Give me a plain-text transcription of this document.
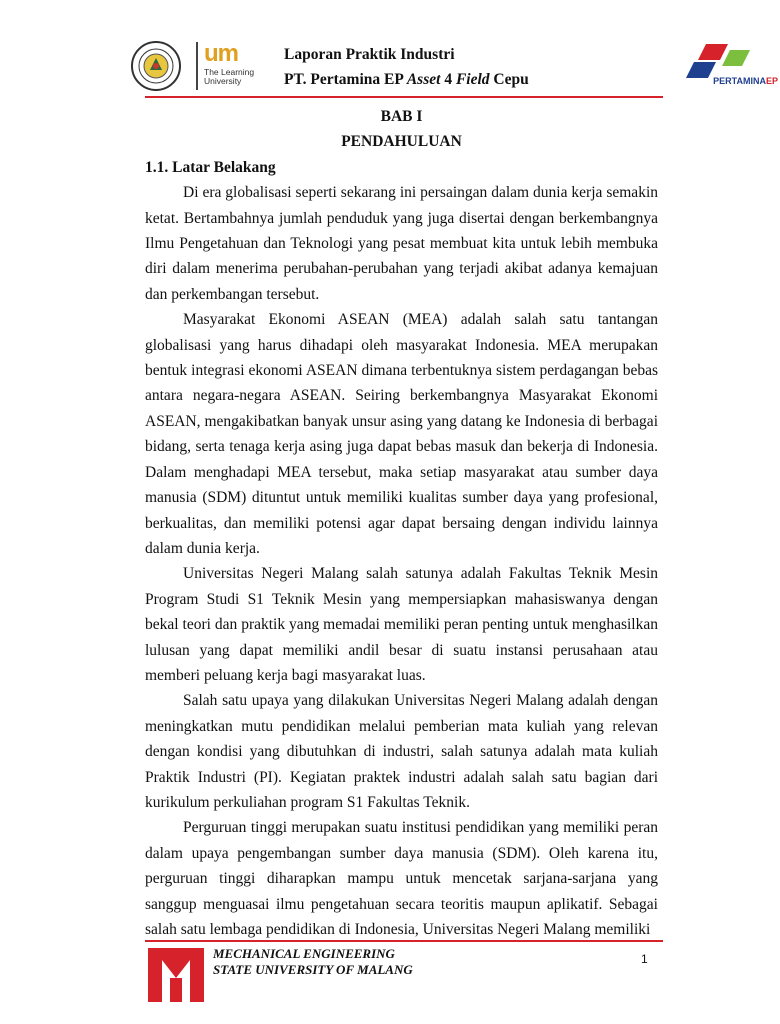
um
The Learning
University
Laporan Praktik Industri
PT. Pertamina EP Asset 4 Field Cepu	PERTAMINAEP
BAB I
PENDAHULUAN
1.1. Latar Belakang

Di era globalisasi seperti sekarang ini persaingan dalam dunia kerja semakin ketat. Bertambahnya jumlah penduduk yang juga disertai dengan berkembangnya Ilmu Pengetahuan dan Teknologi yang pesat membuat kita untuk lebih membuka diri dalam menerima perubahan-perubahan yang terjadi akibat adanya kemajuan dan perkembangan tersebut.

Masyarakat Ekonomi ASEAN (MEA) adalah salah satu tantangan globalisasi yang harus dihadapi oleh masyarakat Indonesia. MEA merupakan bentuk integrasi ekonomi ASEAN dimana terbentuknya sistem perdagangan bebas antara negara-negara ASEAN. Seiring berkembangnya Masyarakat Ekonomi ASEAN, mengakibatkan banyak unsur asing yang datang ke Indonesia di berbagai bidang, serta tenaga kerja asing juga dapat bebas masuk dan bekerja di Indonesia. Dalam menghadapi MEA tersebut, maka setiap masyarakat atau sumber daya manusia (SDM) dituntut untuk memiliki kualitas sumber daya yang profesional, berkualitas, dan memiliki potensi agar dapat bersaing dengan individu lainnya dalam dunia kerja.

Universitas Negeri Malang salah satunya adalah Fakultas Teknik Mesin Program Studi S1 Teknik Mesin yang mempersiapkan mahasiswanya dengan bekal teori dan praktik yang memadai memiliki peran penting untuk menghasilkan lulusan yang dapat memiliki andil besar di suatu instansi perusahaan atau memberi peluang kerja bagi masyarakat luas.

Salah satu upaya yang dilakukan Universitas Negeri Malang adalah dengan meningkatkan mutu pendidikan melalui pemberian mata kuliah yang relevan dengan kondisi yang dibutuhkan di industri, salah satunya adalah mata kuliah Praktik Industri (PI). Kegiatan praktek industri adalah salah satu bagian dari kurikulum perkuliahan program S1 Fakultas Teknik.

Perguruan tinggi merupakan suatu institusi pendidikan yang memiliki peran dalam upaya pengembangan sumber daya manusia (SDM). Oleh karena itu, perguruan tinggi diharapkan mampu untuk mencetak sarjana-sarjana yang sanggup menguasai ilmu pengetahuan secara teoritis maupun aplikatif. Sebagai salah satu lembaga pendidikan di Indonesia, Universitas Negeri Malang memiliki

MECHANICAL ENGINEERING
STATE UNIVERSITY OF MALANG
1
